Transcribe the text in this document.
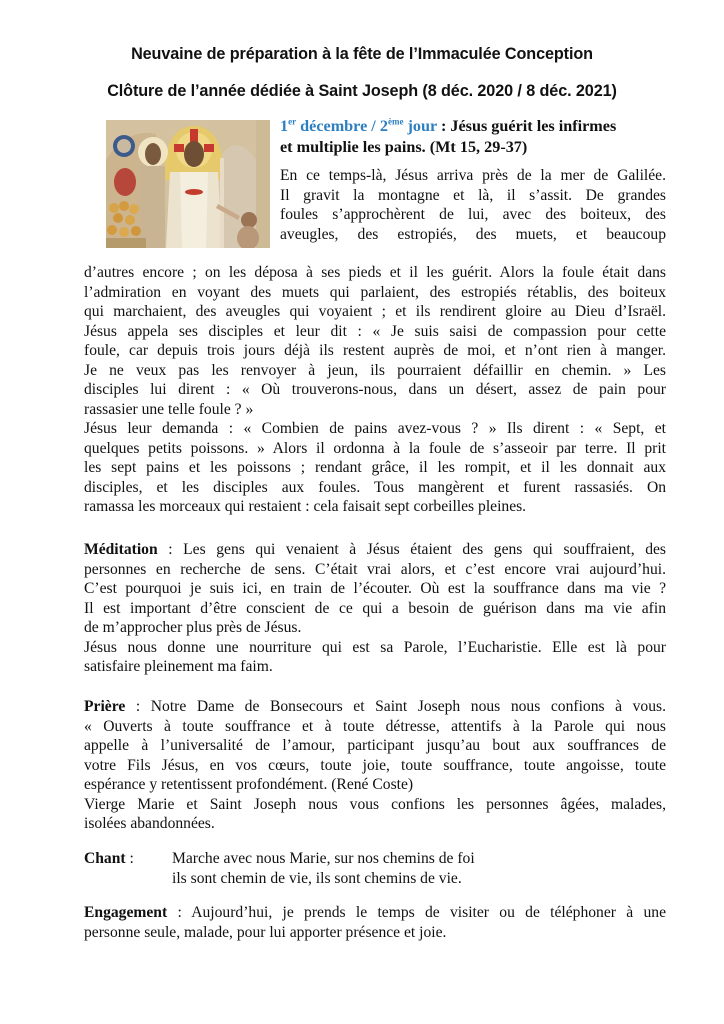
Neuvaine de préparation à la fête de l’Immaculée Conception
Clôture de l’année dédiée à Saint Joseph (8 déc. 2020 / 8 déc. 2021)
1er décembre / 2ème jour : Jésus guérit les infirmes
et multiplie les pains. (Mt 15, 29-37)
En ce temps-là, Jésus arriva près de la mer de Galilée.
Il gravit la montagne et là, il s’assit. De grandes
foules s’approchèrent de lui, avec des boiteux, des
aveugles, des estropiés, des muets, et beaucoup
d’autres encore ; on les déposa à ses pieds et il les guérit. Alors la foule était dans
l’admiration en voyant des muets qui parlaient, des estropiés rétablis, des boiteux
qui marchaient, des aveugles qui voyaient ; et ils rendirent gloire au Dieu d’Israël.
Jésus appela ses disciples et leur dit : « Je suis saisi de compassion pour cette
foule, car depuis trois jours déjà ils restent auprès de moi, et n’ont rien à manger.
Je ne veux pas les renvoyer à jeun, ils pourraient défaillir en chemin. » Les
disciples lui dirent : « Où trouverons-nous, dans un désert, assez de pain pour
rassasier une telle foule ? »
Jésus leur demanda : « Combien de pains avez-vous ? » Ils dirent : « Sept, et
quelques petits poissons. » Alors il ordonna à la foule de s’asseoir par terre. Il prit
les sept pains et les poissons ; rendant grâce, il les rompit, et il les donnait aux
disciples, et les disciples aux foules. Tous mangèrent et furent rassasiés. On
ramassa les morceaux qui restaient : cela faisait sept corbeilles pleines.
Méditation : Les gens qui venaient à Jésus étaient des gens qui souffraient, des
personnes en recherche de sens. C’était vrai alors, et c’est encore vrai aujourd’hui.
C’est pourquoi je suis ici, en train de l’écouter. Où est la souffrance dans ma vie ?
Il est important d’être conscient de ce qui a besoin de guérison dans ma vie afin
de m’approcher plus près de Jésus.
Jésus nous donne une nourriture qui est sa Parole, l’Eucharistie. Elle est là pour
satisfaire pleinement ma faim.
Prière : Notre Dame de Bonsecours et Saint Joseph nous nous confions à vous.
« Ouverts à toute souffrance et à toute détresse, attentifs à la Parole qui nous
appelle à l’universalité de l’amour, participant jusqu’au bout aux souffrances de
votre Fils Jésus, en vos cœurs, toute joie, toute souffrance, toute angoisse, toute
espérance y retentissent profondément. (René Coste)
Vierge Marie et Saint Joseph nous vous confions les personnes âgées, malades,
isolées abandonnées.
Chant :	Marche avec nous Marie, sur nos chemins de foi
ils sont chemin de vie, ils sont chemins de vie.
Engagement : Aujourd’hui, je prends le temps de visiter ou de téléphoner à une
personne seule, malade, pour lui apporter présence et joie.
